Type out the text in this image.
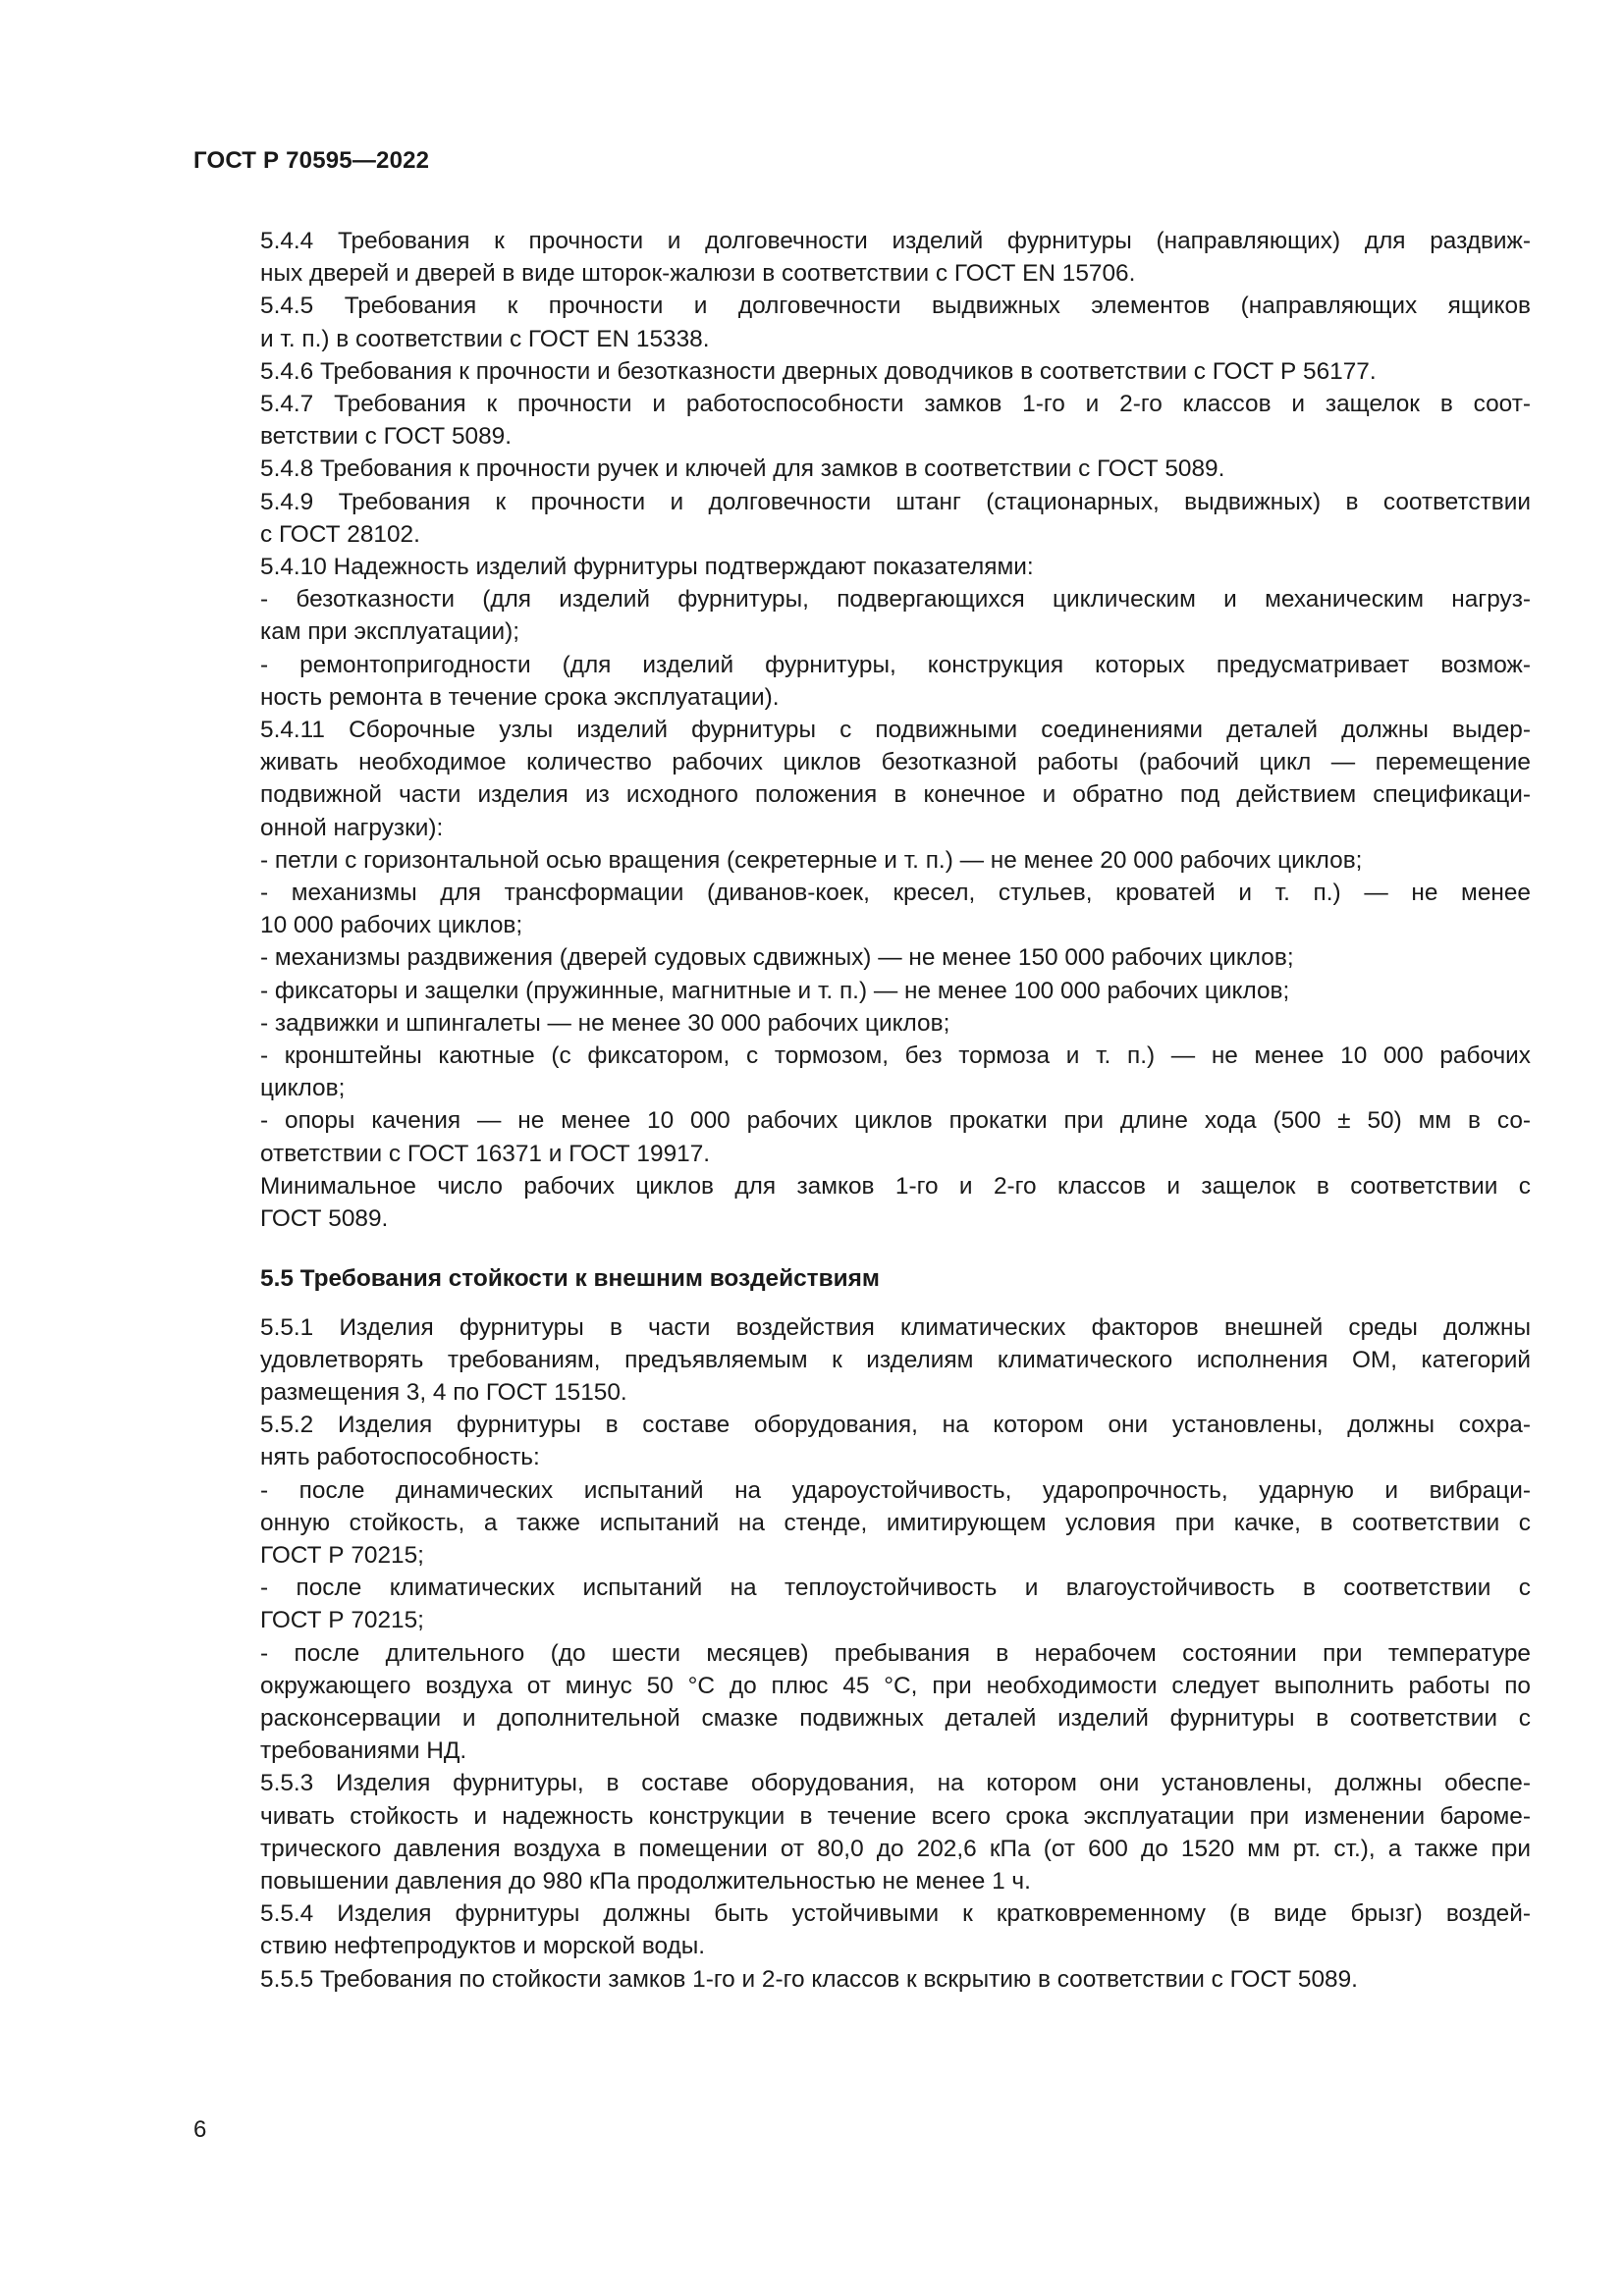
ГОСТ Р 70595—2022

5.4.4 Требования к прочности и долговечности изделий фурнитуры (направляющих) для раздвиж-
ных дверей и дверей в виде шторок-жалюзи в соответствии с ГОСТ EN 15706.

5.4.5 Требования к прочности и долговечности выдвижных элементов (направляющих ящиков
и т. п.) в соответствии с ГОСТ EN 15338.

5.4.6 Требования к прочности и безотказности дверных доводчиков в соответствии с ГОСТ Р 56177.

5.4.7 Требования к прочности и работоспособности замков 1-го и 2-го классов и защелок в соот-
ветствии с ГОСТ 5089.

5.4.8 Требования к прочности ручек и ключей для замков в соответствии с ГОСТ 5089.

5.4.9 Требования к прочности и долговечности штанг (стационарных, выдвижных) в соответствии
с ГОСТ 28102.

5.4.10 Надежность изделий фурнитуры подтверждают показателями:

- безотказности (для изделий фурнитуры, подвергающихся циклическим и механическим нагруз-
кам при эксплуатации);

- ремонтопригодности (для изделий фурнитуры, конструкция которых предусматривает возмож-
ность ремонта в течение срока эксплуатации).

5.4.11 Сборочные узлы изделий фурнитуры с подвижными соединениями деталей должны выдер-
живать необходимое количество рабочих циклов безотказной работы (рабочий цикл — перемещение
подвижной части изделия из исходного положения в конечное и обратно под действием спецификаци-
онной нагрузки):

- петли с горизонтальной осью вращения (секретерные и т. п.) — не менее 20 000 рабочих циклов;

- механизмы для трансформации (диванов-коек, кресел, стульев, кроватей и т. п.) — не менее
10 000 рабочих циклов;

- механизмы раздвижения (дверей судовых сдвижных) — не менее 150 000 рабочих циклов;

- фиксаторы и защелки (пружинные, магнитные и т. п.) — не менее 100 000 рабочих циклов;

- задвижки и шпингалеты — не менее 30 000 рабочих циклов;

- кронштейны каютные (с фиксатором, с тормозом, без тормоза и т. п.) — не менее 10 000 рабочих
циклов;

- опоры качения — не менее 10 000 рабочих циклов прокатки при длине хода (500 ± 50) мм в со-
ответствии с ГОСТ 16371 и ГОСТ 19917.

Минимальное число рабочих циклов для замков 1-го и 2-го классов и защелок в соответствии с
ГОСТ 5089.

5.5 Требования стойкости к внешним воздействиям

5.5.1 Изделия фурнитуры в части воздействия климатических факторов внешней среды должны
удовлетворять требованиям, предъявляемым к изделиям климатического исполнения ОМ, категорий
размещения 3, 4 по ГОСТ 15150.

5.5.2 Изделия фурнитуры в составе оборудования, на котором они установлены, должны сохра-
нять работоспособность:

- после динамических испытаний на удароустойчивость, ударопрочность, ударную и вибраци-
онную стойкость, а также испытаний на стенде, имитирующем условия при качке, в соответствии с
ГОСТ Р 70215;

- после климатических испытаний на теплоустойчивость и влагоустойчивость в соответствии с
ГОСТ Р 70215;

- после длительного (до шести месяцев) пребывания в нерабочем состоянии при температуре
окружающего воздуха от минус 50 °С до плюс 45 °С, при необходимости следует выполнить работы по
расконсервации и дополнительной смазке подвижных деталей изделий фурнитуры в соответствии с
требованиями НД.

5.5.3 Изделия фурнитуры, в составе оборудования, на котором они установлены, должны обеспе-
чивать стойкость и надежность конструкции в течение всего срока эксплуатации при изменении бароме-
трического давления воздуха в помещении от 80,0 до 202,6 кПа (от 600 до 1520 мм рт. ст.), а также при
повышении давления до 980 кПа продолжительностью не менее 1 ч.

5.5.4 Изделия фурнитуры должны быть устойчивыми к кратковременному (в виде брызг) воздей-
ствию нефтепродуктов и морской воды.

5.5.5 Требования по стойкости замков 1-го и 2-го классов к вскрытию в соответствии с ГОСТ 5089.

6
